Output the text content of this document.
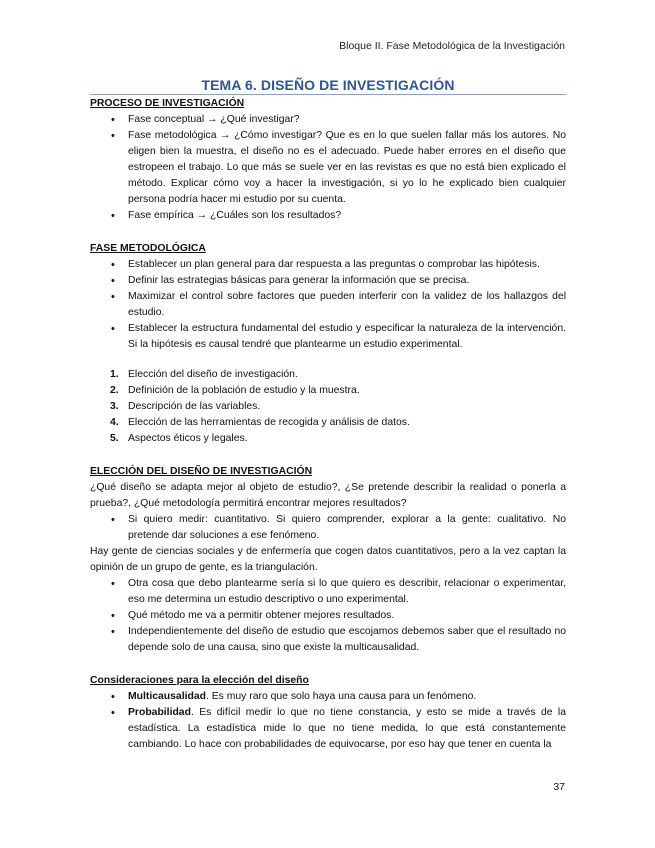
Bloque II. Fase Metodológica de la Investigación
TEMA 6. DISEÑO DE INVESTIGACIÓN

PROCESO DE INVESTIGACIÓN

• Fase conceptual → ¿Qué investigar?
• Fase metodológica → ¿Cómo investigar? Que es en lo que suelen fallar más los autores. No eligen bien la muestra, el diseño no es el adecuado. Puede haber errores en el diseño que estropeen el trabajo. Lo que más se suele ver en las revistas es que no está bien explicado el método. Explicar cómo voy a hacer la investigación, si yo lo he explicado bien cualquier persona podría hacer mi estudio por su cuenta.
• Fase empírica → ¿Cuáles son los resultados?

FASE METODOLÓGICA

• Establecer un plan general para dar respuesta a las preguntas o comprobar las hipótesis.
• Definir las estrategias básicas para generar la información que se precisa.
• Maximizar el control sobre factores que pueden interferir con la validez de los hallazgos del estudio.
• Establecer la estructura fundamental del estudio y especificar la naturaleza de la intervención. Si la hipótesis es causal tendré que plantearme un estudio experimental.
1. Elección del diseño de investigación.
2. Definición de la población de estudio y la muestra.
3. Descripción de las variables.
4. Elección de las herramientas de recogida y análisis de datos.
5. Aspectos éticos y legales.

ELECCIÓN DEL DISEÑO DE INVESTIGACIÓN

¿Qué diseño se adapta mejor al objeto de estudio?, ¿Se pretende describir la realidad o ponerla a prueba?, ¿Qué metodología permitirá encontrar mejores resultados?

• Si quiero medir: cuantitativo. Si quiero comprender, explorar a la gente: cualitativo. No pretende dar soluciones a ese fenómeno.

Hay gente de ciencias sociales y de enfermería que cogen datos cuantitativos, pero a la vez captan la opinión de un grupo de gente, es la triangulación.

• Otra cosa que debo plantearme sería si lo que quiero es describir, relacionar o experimentar, eso me determina un estudio descriptivo o uno experimental.
• Qué método me va a permitir obtener mejores resultados.
• Independientemente del diseño de estudio que escojamos debemos saber que el resultado no depende solo de una causa, sino que existe la multicausalidad.

Consideraciones para la elección del diseño

• Multicausalidad. Es muy raro que solo haya una causa para un fenómeno.
• Probabilidad. Es difícil medir lo que no tiene constancia, y esto se mide a través de la estadística. La estadística mide lo que no tiene medida, lo que está constantemente cambiando. Lo hace con probabilidades de equivocarse, por eso hay que tener en cuenta la
37
